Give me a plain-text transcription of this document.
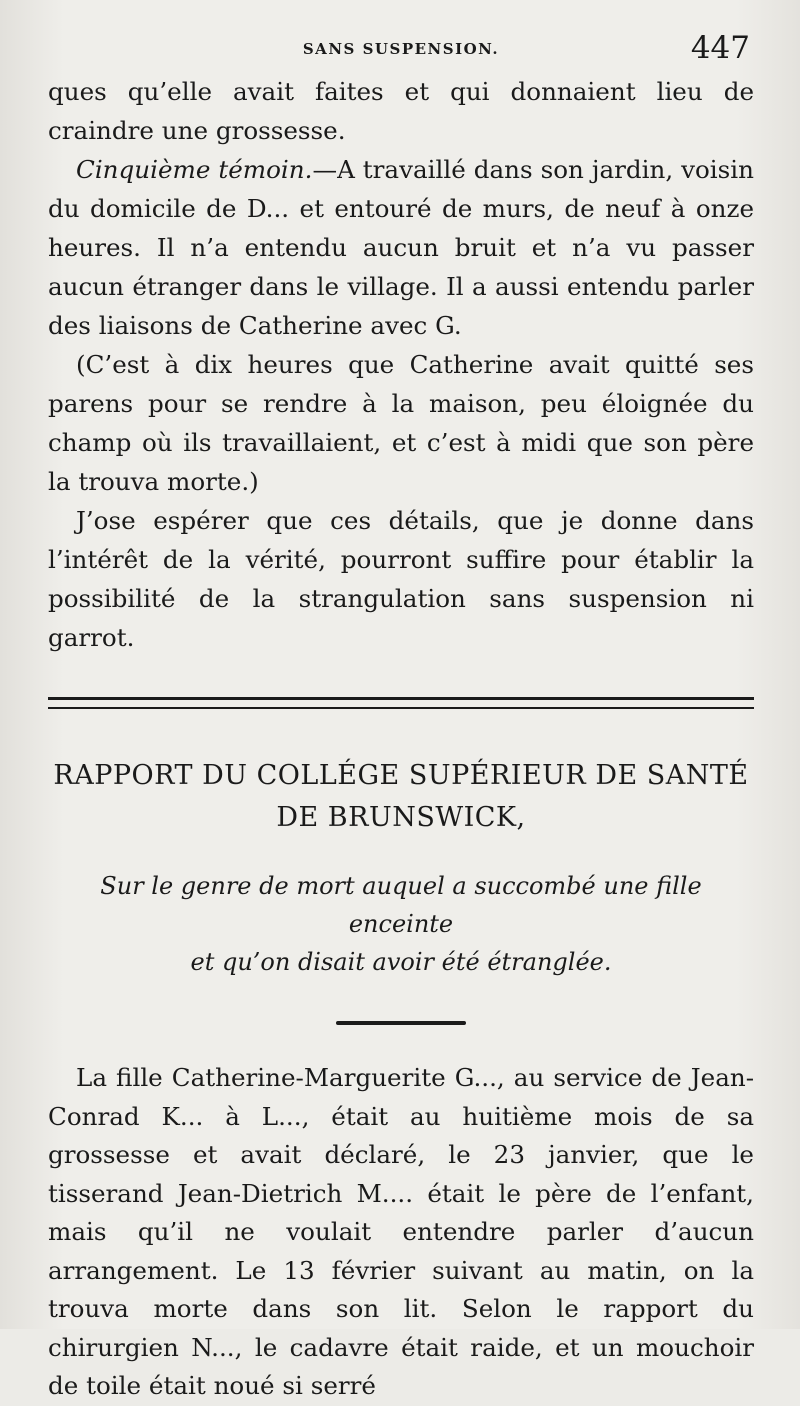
SANS SUSPENSION.	447

ques qu’elle avait faites et qui donnaient lieu de craindre une grossesse.

Cinquième témoin.—A travaillé dans son jardin, voisin du domicile de D... et entouré de murs, de neuf à onze heures. Il n’a entendu aucun bruit et n’a vu passer aucun étranger dans le village. Il a aussi entendu parler des liaisons de Catherine avec G.

(C’est à dix heures que Catherine avait quitté ses parens pour se rendre à la maison, peu éloignée du champ où ils travaillaient, et c’est à midi que son père la trouva morte.)

J’ose espérer que ces détails, que je donne dans l’intérêt de la vérité, pourront suffire pour établir la possibilité de la strangulation sans suspension ni garrot.

RAPPORT DU COLLÉGE SUPÉRIEUR DE SANTÉ
DE BRUNSWICK,
Sur le genre de mort auquel a succombé une fille enceinte
et qu’on disait avoir été étranglée.

La fille Catherine-Marguerite G..., au service de Jean-Conrad K... à L..., était au huitième mois de sa grossesse et avait déclaré, le 23 janvier, que le tisserand Jean-Dietrich M.... était le père de l’enfant, mais qu’il ne voulait entendre parler d’aucun arrangement. Le 13 février suivant au matin, on la trouva morte dans son lit. Selon le rapport du chirurgien N..., le cadavre était raide, et un mouchoir de toile était noué si serré
